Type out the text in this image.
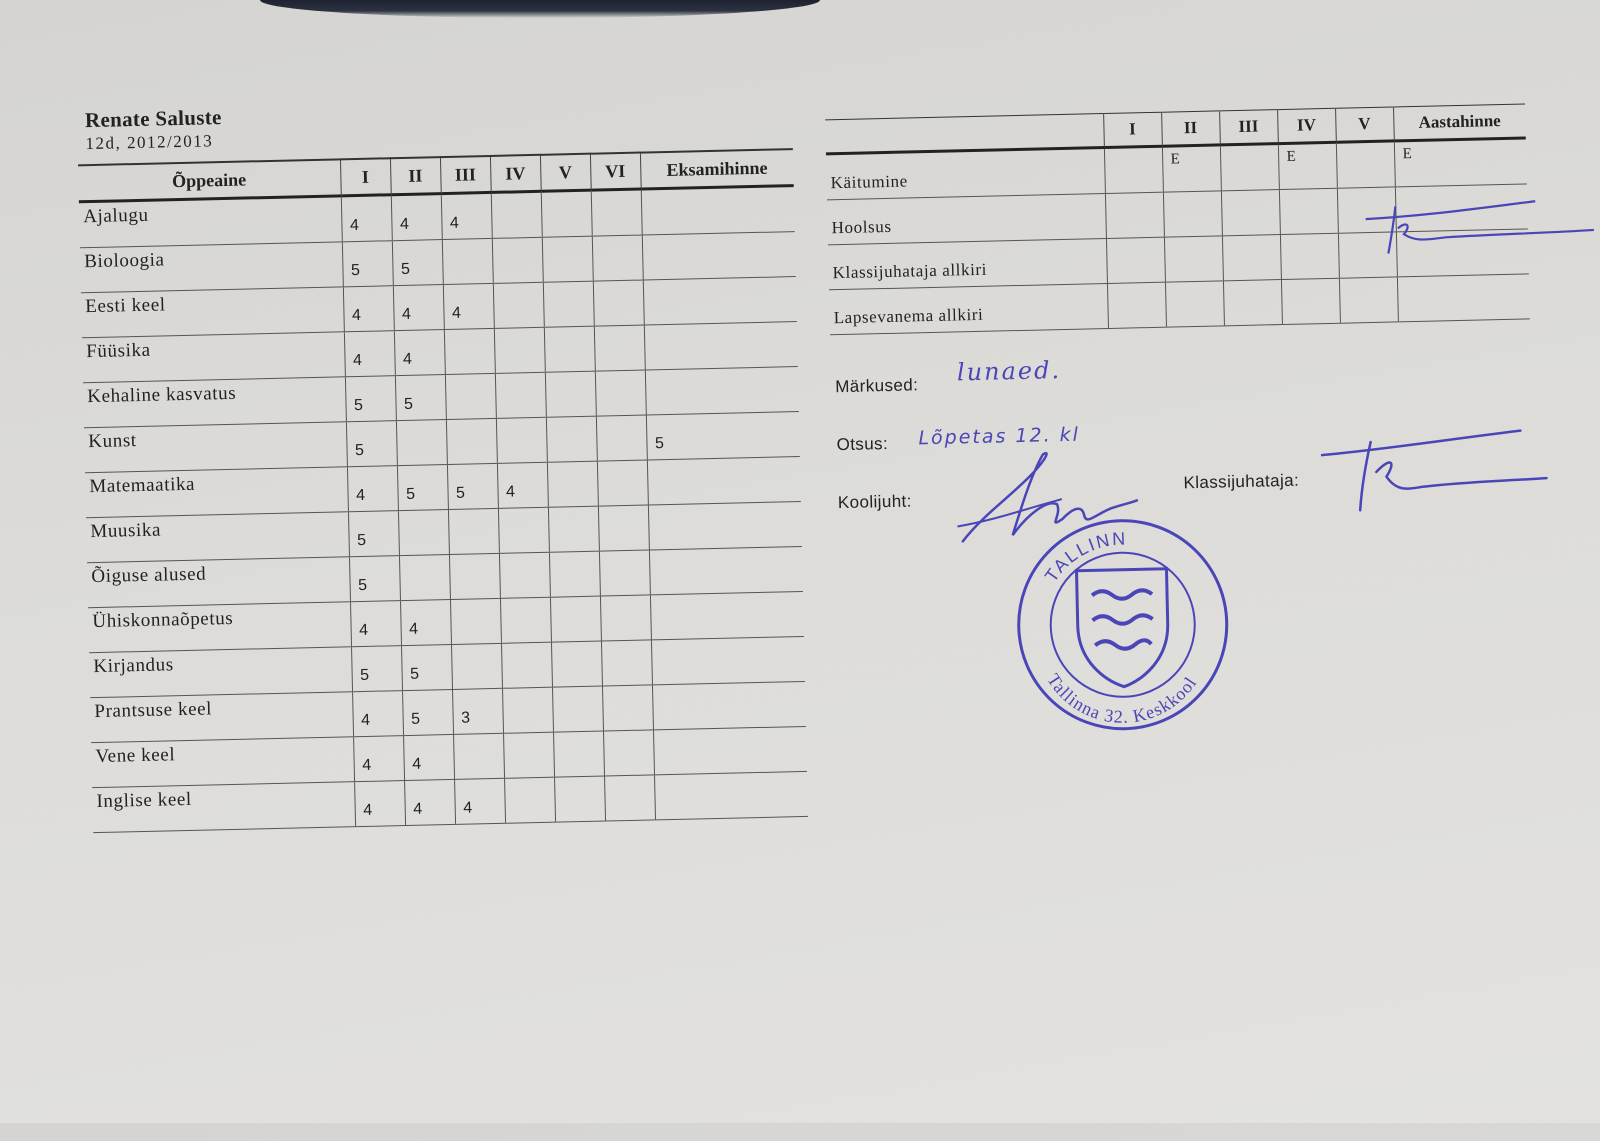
Renate Saluste
12d, 2012/2013
Õppeaine	I	II	III	IV	V	VI	Eksamihinne
Ajalugu	4	4	4				
Bioloogia	5	5					
Eesti keel	4	4	4				
Füüsika	4	4					
Kehaline kasvatus	5	5					
Kunst	5						5
Matemaatika	4	5	5	4			
Muusika	5						
Õiguse alused	5						
Ühiskonnaõpetus	4	4					
Kirjandus	5	5					
Prantsuse keel	4	5	3				
Vene keel	4	4					
Inglise keel	4	4	4				
	I	II	III	IV	V	Aastahinne
Käitumine		E		E		E
Hoolsus						
Klassijuhataja allkiri						
Lapsevanema allkiri						
Märkused: lunaed.
Otsus: Lõpetas 12. kl
Koolijuht:
Klassijuhataja:
TALLINN
Tallinna 32. Keskkool
